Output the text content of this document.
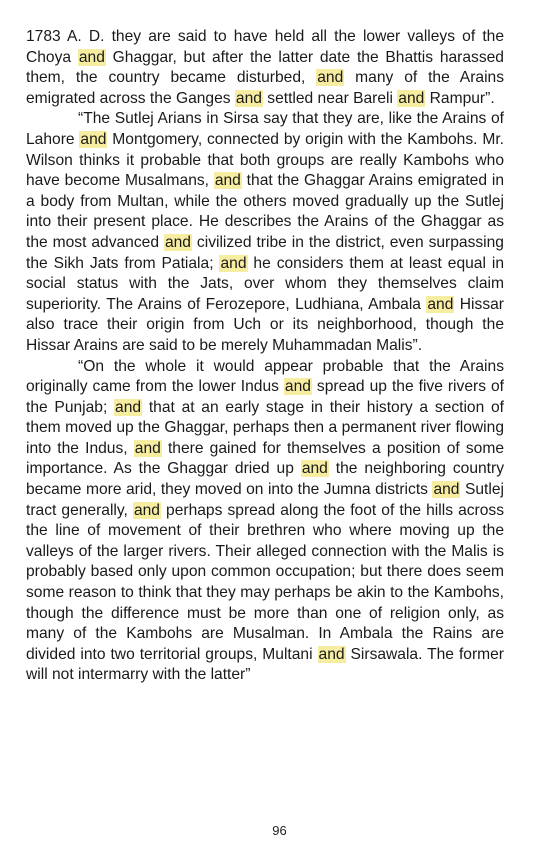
1783 A. D. they are said to have held all the lower valleys of the Choya and Ghaggar, but after the latter date the Bhattis harassed them, the country became disturbed, and many of the Arains emigrated across the Ganges and settled near Bareli and Rampur”.

“The Sutlej Arians in Sirsa say that they are, like the Arains of Lahore and Montgomery, connected by origin with the Kambohs. Mr. Wilson thinks it probable that both groups are really Kambohs who have become Musalmans, and that the Ghaggar Arains emigrated in a body from Multan, while the others moved gradually up the Sutlej into their present place. He describes the Arains of the Ghaggar as the most advanced and civilized tribe in the district, even surpassing the Sikh Jats from Patiala; and he considers them at least equal in social status with the Jats, over whom they themselves claim superiority. The Arains of Ferozepore, Ludhiana, Ambala and Hissar also trace their origin from Uch or its neighborhood, though the Hissar Arains are said to be merely Muhammadan Malis”.

“On the whole it would appear probable that the Arains originally came from the lower Indus and spread up the five rivers of the Punjab; and that at an early stage in their history a section of them moved up the Ghaggar, perhaps then a permanent river flowing into the Indus, and there gained for themselves a position of some importance. As the Ghaggar dried up and the neighboring country became more arid, they moved on into the Jumna districts and Sutlej tract generally, and perhaps spread along the foot of the hills across the line of movement of their brethren who where moving up the valleys of the larger rivers. Their alleged connection with the Malis is probably based only upon common occupation; but there does seem some reason to think that they may perhaps be akin to the Kambohs, though the difference must be more than one of religion only, as many of the Kambohs are Musalman. In Ambala the Rains are divided into two territorial groups, Multani and Sirsawala. The former will not intermarry with the latter”

96
